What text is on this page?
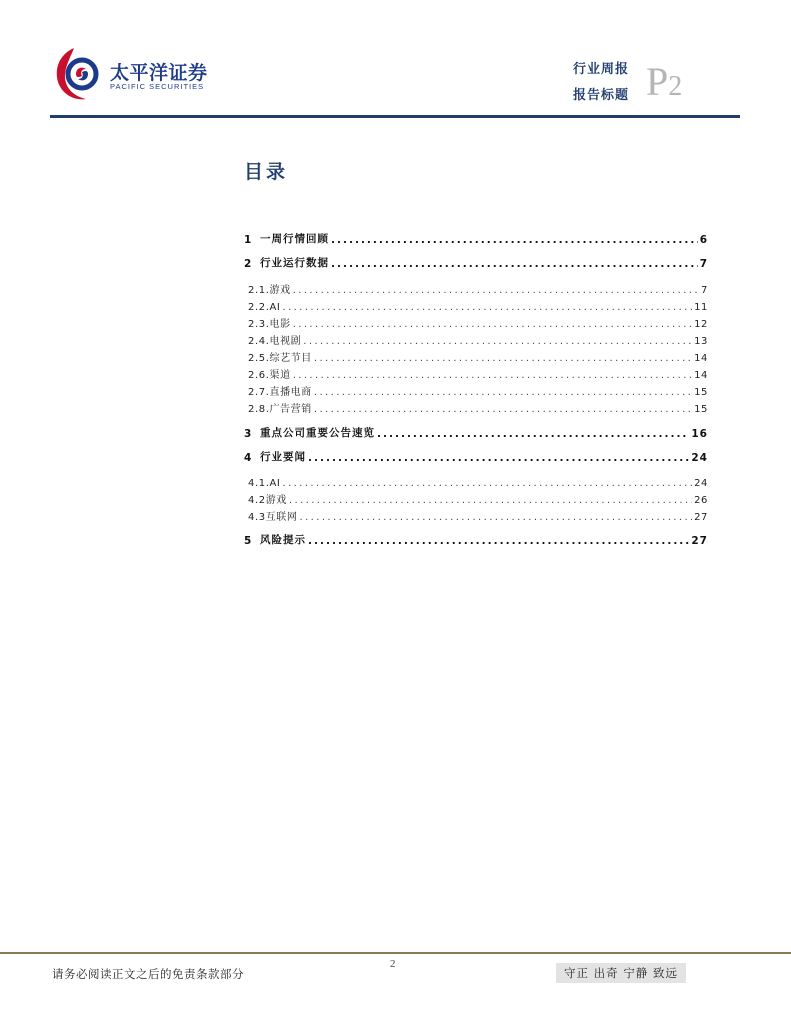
太平洋证券
PACIFIC SECURITIES
行业周报
报告标题 P2
目录
1 一周行情回顾 .....	6
2 行业运行数据 .....	7
2.1.游戏 .....	7
2.2.AI .....	11
2.3.电影 .....	12
2.4.电视剧 .....	13
2.5.综艺节目 .....	14
2.6.渠道 .....	14
2.7.直播电商 .....	15
2.8.广告营销 .....	15
3 重点公司重要公告速览 .....	16
4 行业要闻 .....	24
4.1.AI .....	24
4.2游戏 .....	26
4.3互联网 .....	27
5 风险提示 .....	27
请务必阅读正文之后的免责条款部分
2
守正 出奇 宁静 致远
